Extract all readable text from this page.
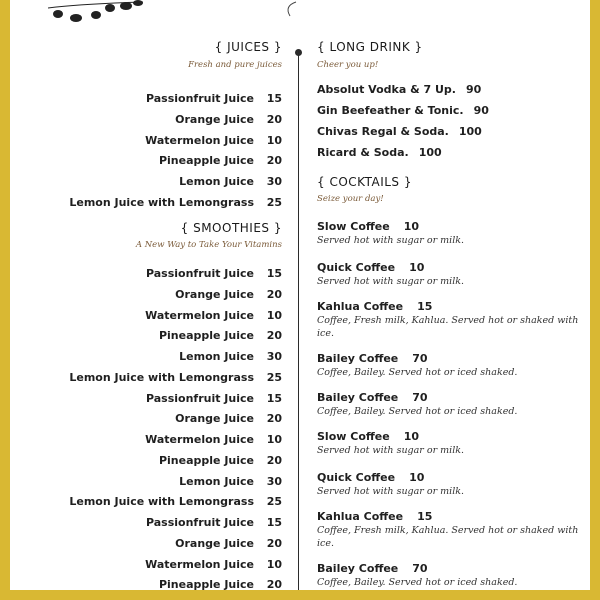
{ JUICES }
Fresh and pure juices
Passionfruit Juice	15
Orange Juice	20
Watermelon Juice	10
Pineapple Juice	20
Lemon Juice	30
Lemon Juice with Lemongrass	25
{ SMOOTHIES }
A New Way to Take Your Vitamins
Passionfruit Juice	15
Orange Juice	20
Watermelon Juice	10
Pineapple Juice	20
Lemon Juice	30
Lemon Juice with Lemongrass	25
Passionfruit Juice	15
Orange Juice	20
Watermelon Juice	10
Pineapple Juice	20
Lemon Juice	30
Lemon Juice with Lemongrass	25
Passionfruit Juice	15
Orange Juice	20
Watermelon Juice	10
Pineapple Juice	20
{ LONG DRINK }
Cheer you up!
Absolut Vodka & 7 Up. 90
Gin Beefeather & Tonic. 90
Chivas Regal & Soda. 100
Ricard & Soda. 100
{ COCKTAILS }
Seize your day!
Slow Coffee 10
Served hot with sugar or milk.
Quick Coffee 10
Served hot with sugar or milk.
Kahlua Coffee 15
Coffee, Fresh milk, Kahlua. Served hot or shaked with ice.
Bailey Coffee 70
Coffee, Bailey. Served hot or iced shaked.
Bailey Coffee 70
Coffee, Bailey. Served hot or iced shaked.
Slow Coffee 10
Served hot with sugar or milk.
Quick Coffee 10
Served hot with sugar or milk.
Kahlua Coffee 15
Coffee, Fresh milk, Kahlua. Served hot or shaked with ice.
Bailey Coffee 70
Coffee, Bailey. Served hot or iced shaked.
